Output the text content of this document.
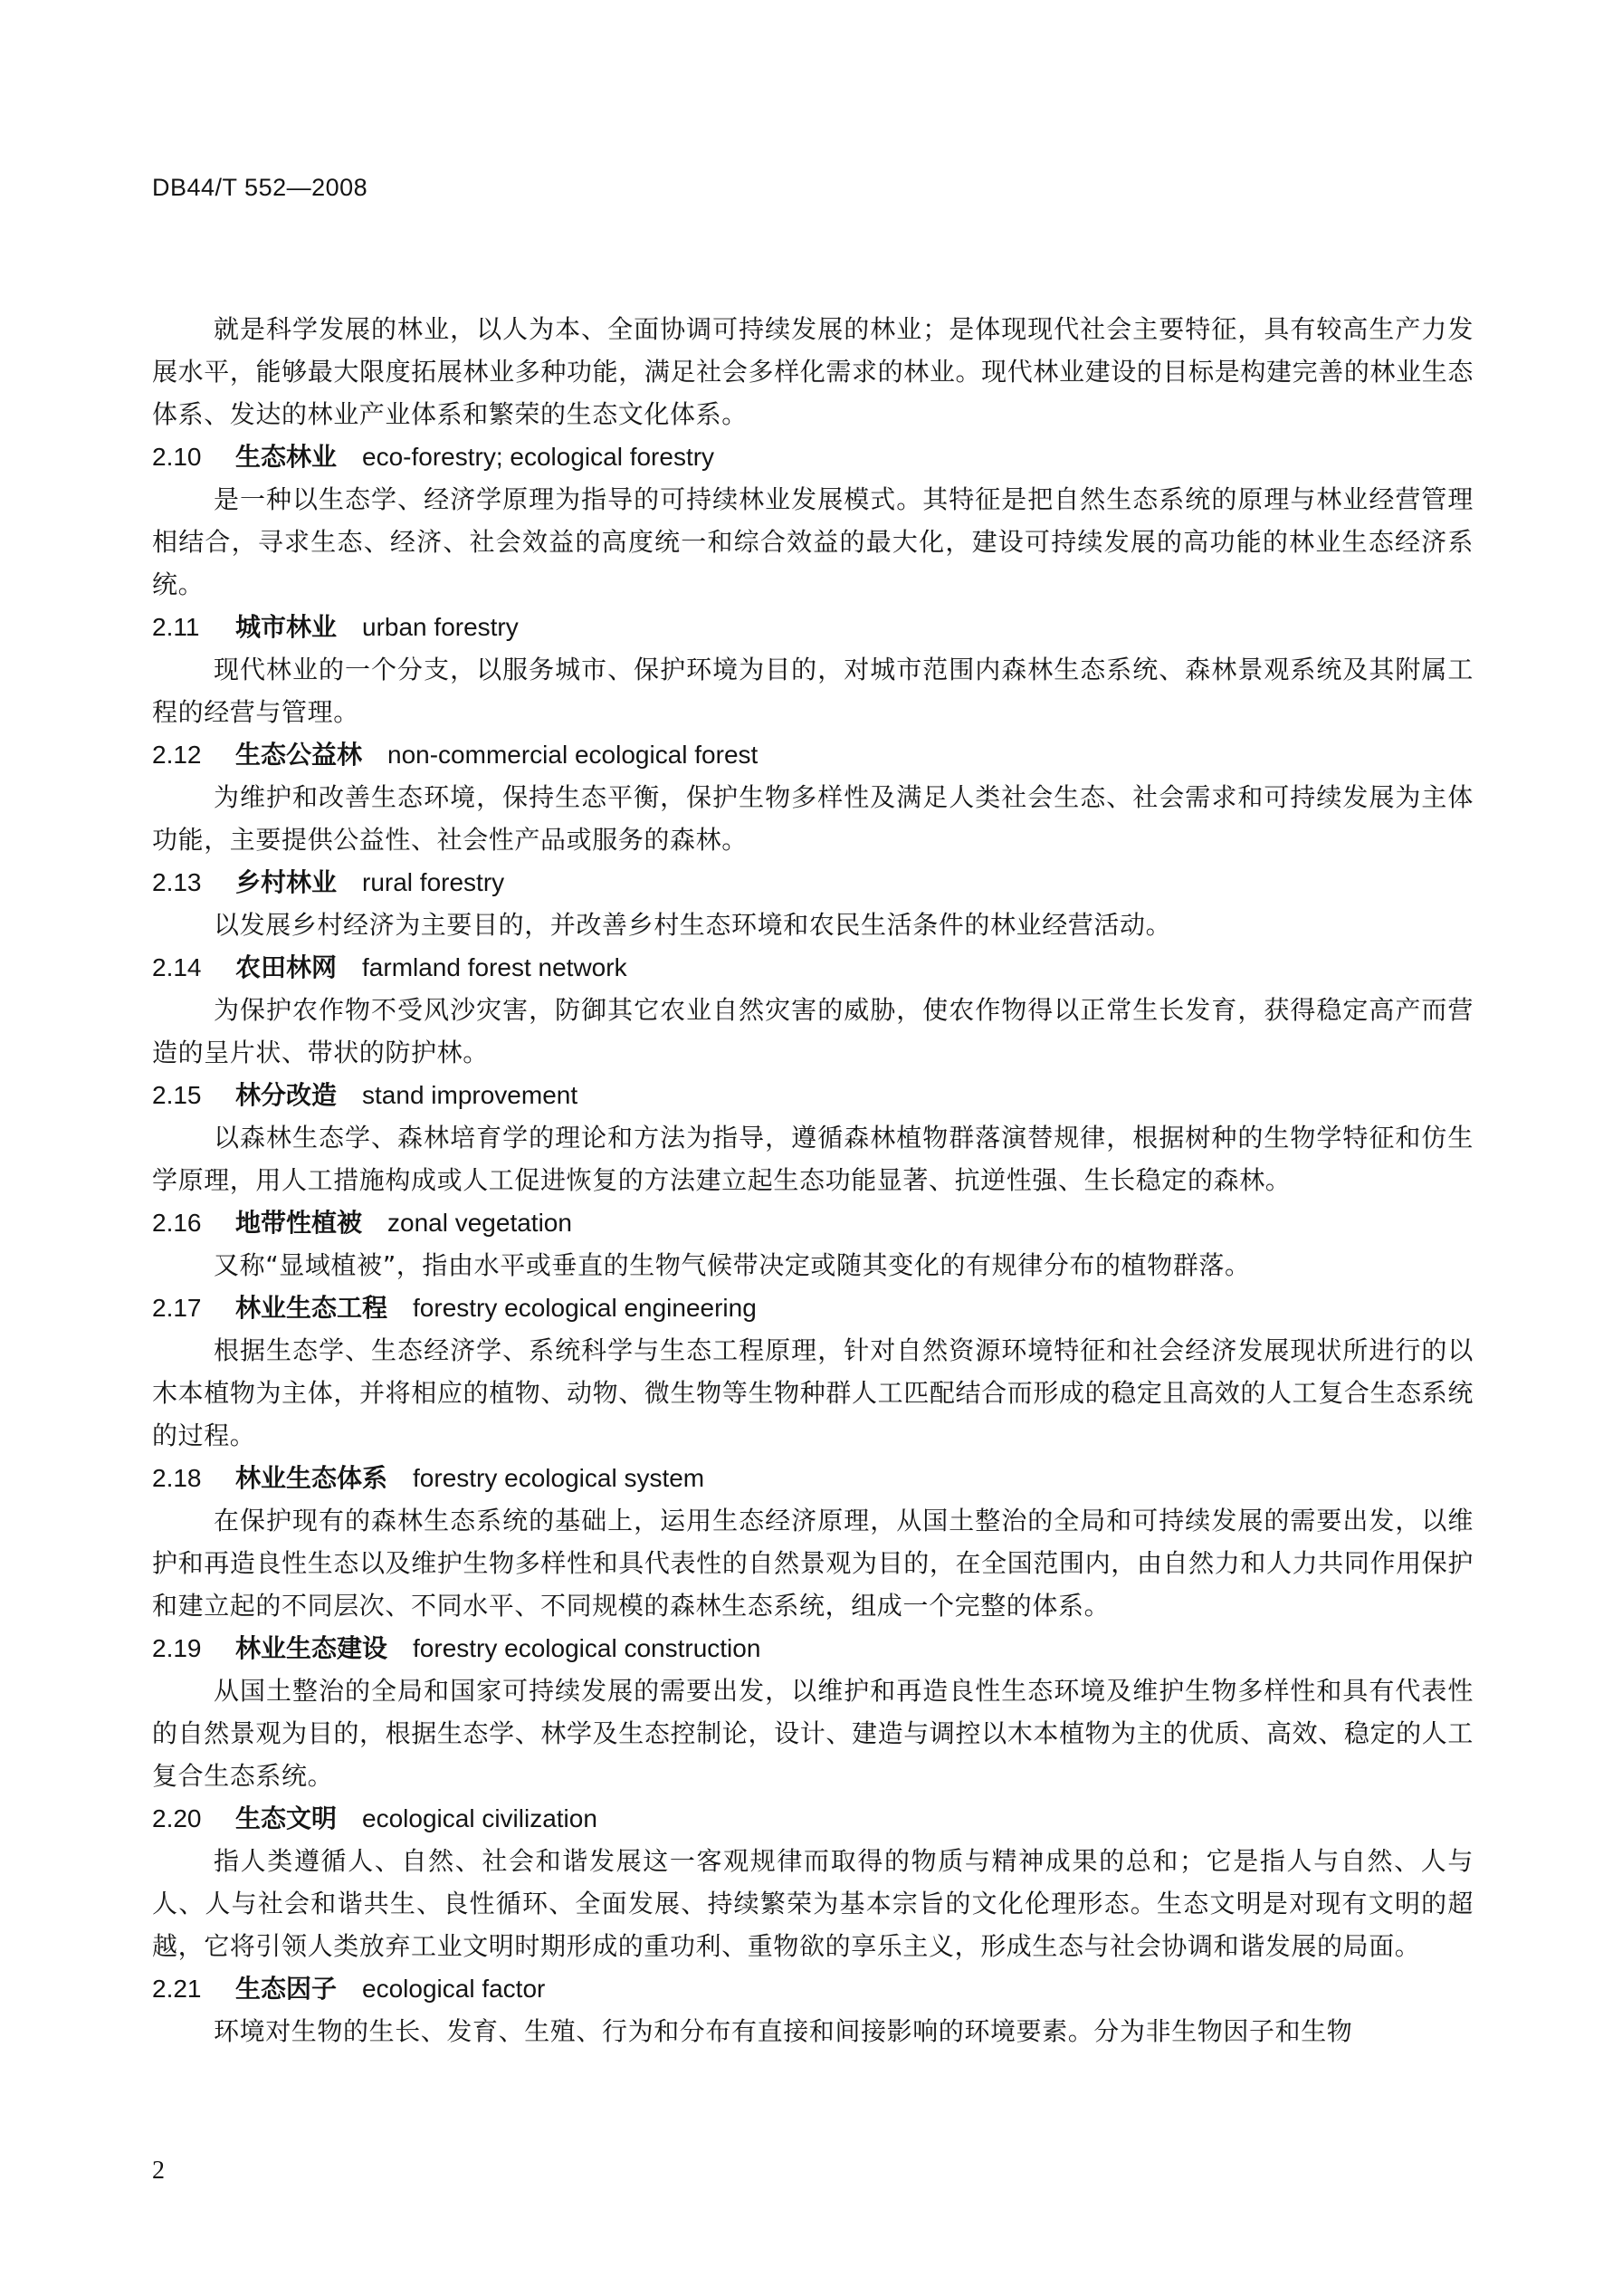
DB44/T 552—2008

就是科学发展的林业，以人为本、全面协调可持续发展的林业；是体现现代社会主要特征，具有较高生产力发展水平，能够最大限度拓展林业多种功能，满足社会多样化需求的林业。现代林业建设的目标是构建完善的林业生态体系、发达的林业产业体系和繁荣的生态文化体系。

2.10 生态林业 eco-forestry; ecological forestry

是一种以生态学、经济学原理为指导的可持续林业发展模式。其特征是把自然生态系统的原理与林业经营管理相结合，寻求生态、经济、社会效益的高度统一和综合效益的最大化，建设可持续发展的高功能的林业生态经济系统。

2.11 城市林业 urban forestry

现代林业的一个分支，以服务城市、保护环境为目的，对城市范围内森林生态系统、森林景观系统及其附属工程的经营与管理。

2.12 生态公益林 non-commercial ecological forest

为维护和改善生态环境，保持生态平衡，保护生物多样性及满足人类社会生态、社会需求和可持续发展为主体功能，主要提供公益性、社会性产品或服务的森林。

2.13 乡村林业 rural forestry

以发展乡村经济为主要目的，并改善乡村生态环境和农民生活条件的林业经营活动。

2.14 农田林网 farmland forest network

为保护农作物不受风沙灾害，防御其它农业自然灾害的威胁，使农作物得以正常生长发育，获得稳定高产而营造的呈片状、带状的防护林。

2.15 林分改造 stand improvement

以森林生态学、森林培育学的理论和方法为指导，遵循森林植物群落演替规律，根据树种的生物学特征和仿生学原理，用人工措施构成或人工促进恢复的方法建立起生态功能显著、抗逆性强、生长稳定的森林。

2.16 地带性植被 zonal vegetation

又称“显域植被”，指由水平或垂直的生物气候带决定或随其变化的有规律分布的植物群落。

2.17 林业生态工程 forestry ecological engineering

根据生态学、生态经济学、系统科学与生态工程原理，针对自然资源环境特征和社会经济发展现状所进行的以木本植物为主体，并将相应的植物、动物、微生物等生物种群人工匹配结合而形成的稳定且高效的人工复合生态系统的过程。

2.18 林业生态体系 forestry ecological system

在保护现有的森林生态系统的基础上，运用生态经济原理，从国土整治的全局和可持续发展的需要出发，以维护和再造良性生态以及维护生物多样性和具代表性的自然景观为目的，在全国范围内，由自然力和人力共同作用保护和建立起的不同层次、不同水平、不同规模的森林生态系统，组成一个完整的体系。

2.19 林业生态建设 forestry ecological construction

从国土整治的全局和国家可持续发展的需要出发，以维护和再造良性生态环境及维护生物多样性和具有代表性的自然景观为目的，根据生态学、林学及生态控制论，设计、建造与调控以木本植物为主的优质、高效、稳定的人工复合生态系统。

2.20 生态文明 ecological civilization

指人类遵循人、自然、社会和谐发展这一客观规律而取得的物质与精神成果的总和；它是指人与自然、人与人、人与社会和谐共生、良性循环、全面发展、持续繁荣为基本宗旨的文化伦理形态。生态文明是对现有文明的超越，它将引领人类放弃工业文明时期形成的重功利、重物欲的享乐主义，形成生态与社会协调和谐发展的局面。

2.21 生态因子 ecological factor

环境对生物的生长、发育、生殖、行为和分布有直接和间接影响的环境要素。分为非生物因子和生物

2
